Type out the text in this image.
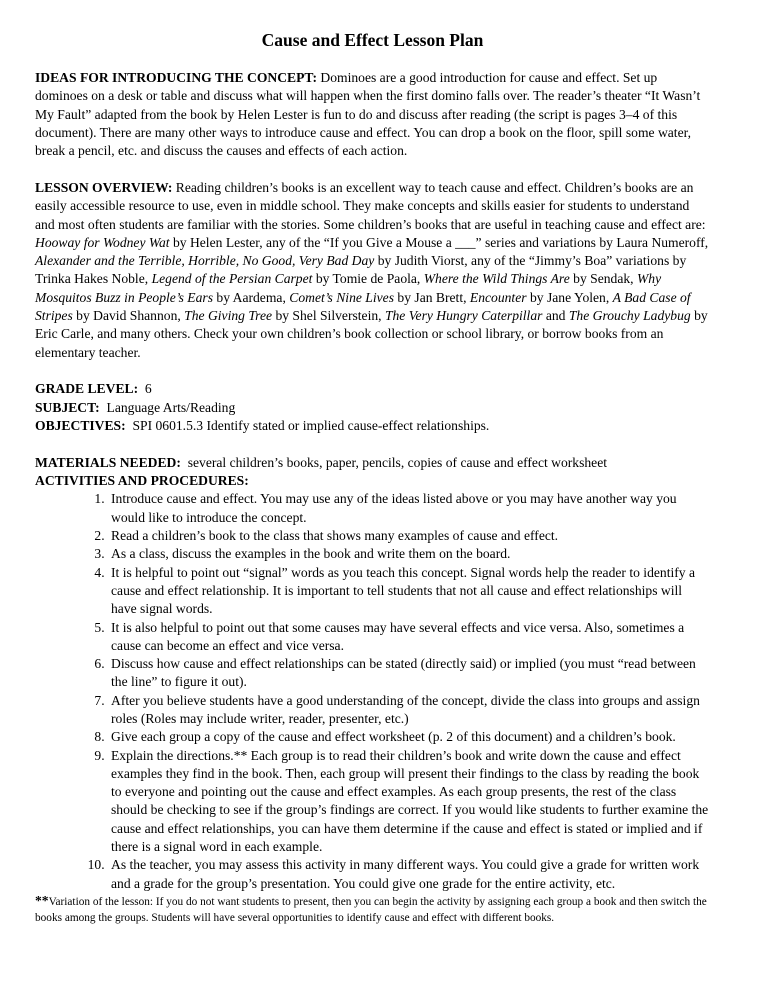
Cause and Effect Lesson Plan

IDEAS FOR INTRODUCING THE CONCEPT: Dominoes are a good introduction for cause and effect. Set up dominoes on a desk or table and discuss what will happen when the first domino falls over. The reader’s theater “It Wasn’t My Fault” adapted from the book by Helen Lester is fun to do and discuss after reading (the script is pages 3–4 of this document). There are many other ways to introduce cause and effect. You can drop a book on the floor, spill some water, break a pencil, etc. and discuss the causes and effects of each action.

LESSON OVERVIEW: Reading children’s books is an excellent way to teach cause and effect. Children’s books are an easily accessible resource to use, even in middle school. They make concepts and skills easier for students to understand and most often students are familiar with the stories. Some children’s books that are useful in teaching cause and effect are: Hooway for Wodney Wat by Helen Lester, any of the “If you Give a Mouse a ___” series and variations by Laura Numeroff, Alexander and the Terrible, Horrible, No Good, Very Bad Day by Judith Viorst, any of the “Jimmy’s Boa” variations by Trinka Hakes Noble, Legend of the Persian Carpet by Tomie de Paola, Where the Wild Things Are by Sendak, Why Mosquitos Buzz in People’s Ears by Aardema, Comet’s Nine Lives by Jan Brett, Encounter by Jane Yolen, A Bad Case of Stripes by David Shannon, The Giving Tree by Shel Silverstein, The Very Hungry Caterpillar and The Grouchy Ladybug by Eric Carle, and many others. Check your own children’s book collection or school library, or borrow books from an elementary teacher.

GRADE LEVEL: 6

SUBJECT: Language Arts/Reading

OBJECTIVES: SPI 0601.5.3 Identify stated or implied cause-effect relationships.

MATERIALS NEEDED: several children’s books, paper, pencils, copies of cause and effect worksheet

ACTIVITIES AND PROCEDURES:

1. Introduce cause and effect. You may use any of the ideas listed above or you may have another way you would like to introduce the concept.
2. Read a children’s book to the class that shows many examples of cause and effect.
3. As a class, discuss the examples in the book and write them on the board.
4. It is helpful to point out “signal” words as you teach this concept. Signal words help the reader to identify a cause and effect relationship. It is important to tell students that not all cause and effect relationships will have signal words.
5. It is also helpful to point out that some causes may have several effects and vice versa. Also, sometimes a cause can become an effect and vice versa.
6. Discuss how cause and effect relationships can be stated (directly said) or implied (you must “read between the line” to figure it out).
7. After you believe students have a good understanding of the concept, divide the class into groups and assign roles (Roles may include writer, reader, presenter, etc.)
8. Give each group a copy of the cause and effect worksheet (p. 2 of this document) and a children’s book.
9. Explain the directions.** Each group is to read their children’s book and write down the cause and effect examples they find in the book. Then, each group will present their findings to the class by reading the book to everyone and pointing out the cause and effect examples. As each group presents, the rest of the class should be checking to see if the group’s findings are correct. If you would like students to further examine the cause and effect relationships, you can have them determine if the cause and effect is stated or implied and if there is a signal word in each example.
10. As the teacher, you may assess this activity in many different ways. You could give a grade for written work and a grade for the group’s presentation. You could give one grade for the entire activity, etc.

**Variation of the lesson: If you do not want students to present, then you can begin the activity by assigning each group a book and then switch the books among the groups. Students will have several opportunities to identify cause and effect with different books.
